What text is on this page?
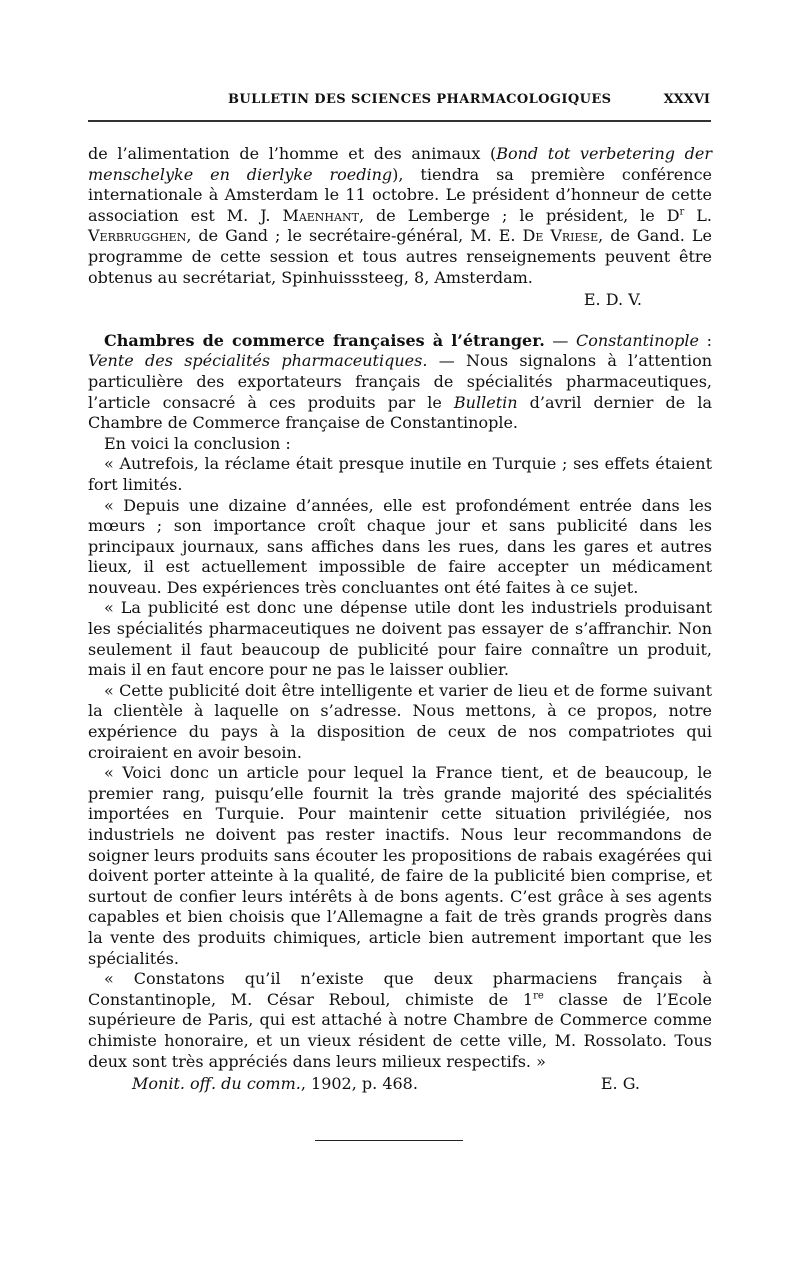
BULLETIN DES SCIENCES PHARMACOLOGIQUES	XXXVI

de l’alimentation de l’homme et des animaux (Bond tot verbetering der menschelyke en dierlyke roeding), tiendra sa première conférence internationale à Amsterdam le 11 octobre. Le président d’honneur de cette association est M. J. Maenhant, de Lemberge ; le président, le $D^r$ L. Verbrugghen, de Gand ; le secrétaire-général, M. E. De Vriese, de Gand. Le programme de cette session et tous autres renseignements peuvent être obtenus au secrétariat, Spinhuisssteeg, 8, Amsterdam.

E. D. V.

Chambres de commerce françaises à l’étranger. — Constantinople : Vente des spécialités pharmaceutiques. — Nous signalons à l’attention particulière des exportateurs français de spécialités pharmaceutiques, l’article consacré à ces produits par le Bulletin d’avril dernier de la Chambre de Commerce française de Constantinople.

En voici la conclusion :

« Autrefois, la réclame était presque inutile en Turquie ; ses effets étaient fort limités.

« Depuis une dizaine d’années, elle est profondément entrée dans les mœurs ; son importance croît chaque jour et sans publicité dans les principaux journaux, sans affiches dans les rues, dans les gares et autres lieux, il est actuellement impossible de faire accepter un médicament nouveau. Des expériences très concluantes ont été faites à ce sujet.

« La publicité est donc une dépense utile dont les industriels produisant les spécialités pharmaceutiques ne doivent pas essayer de s’affranchir. Non seulement il faut beaucoup de publicité pour faire connaître un produit, mais il en faut encore pour ne pas le laisser oublier.

« Cette publicité doit être intelligente et varier de lieu et de forme suivant la clientèle à laquelle on s’adresse. Nous mettons, à ce propos, notre expérience du pays à la disposition de ceux de nos compatriotes qui croiraient en avoir besoin.

« Voici donc un article pour lequel la France tient, et de beaucoup, le premier rang, puisqu’elle fournit la très grande majorité des spécialités importées en Turquie. Pour maintenir cette situation privilégiée, nos industriels ne doivent pas rester inactifs. Nous leur recommandons de soigner leurs produits sans écouter les propositions de rabais exagérées qui doivent porter atteinte à la qualité, de faire de la publicité bien comprise, et surtout de confier leurs intérêts à de bons agents. C’est grâce à ses agents capables et bien choisis que l’Allemagne a fait de très grands progrès dans la vente des produits chimiques, article bien autrement important que les spécialités.

« Constatons qu’il n’existe que deux pharmaciens français à Constantinople, M. César Reboul, chimiste de 1re classe de l’Ecole supérieure de Paris, qui est attaché à notre Chambre de Commerce comme chimiste honoraire, et un vieux résident de cette ville, M. Rossolato. Tous deux sont très appréciés dans leurs milieux respectifs. »

Monit. off. du comm., 1902, p. 468.	E. G.
